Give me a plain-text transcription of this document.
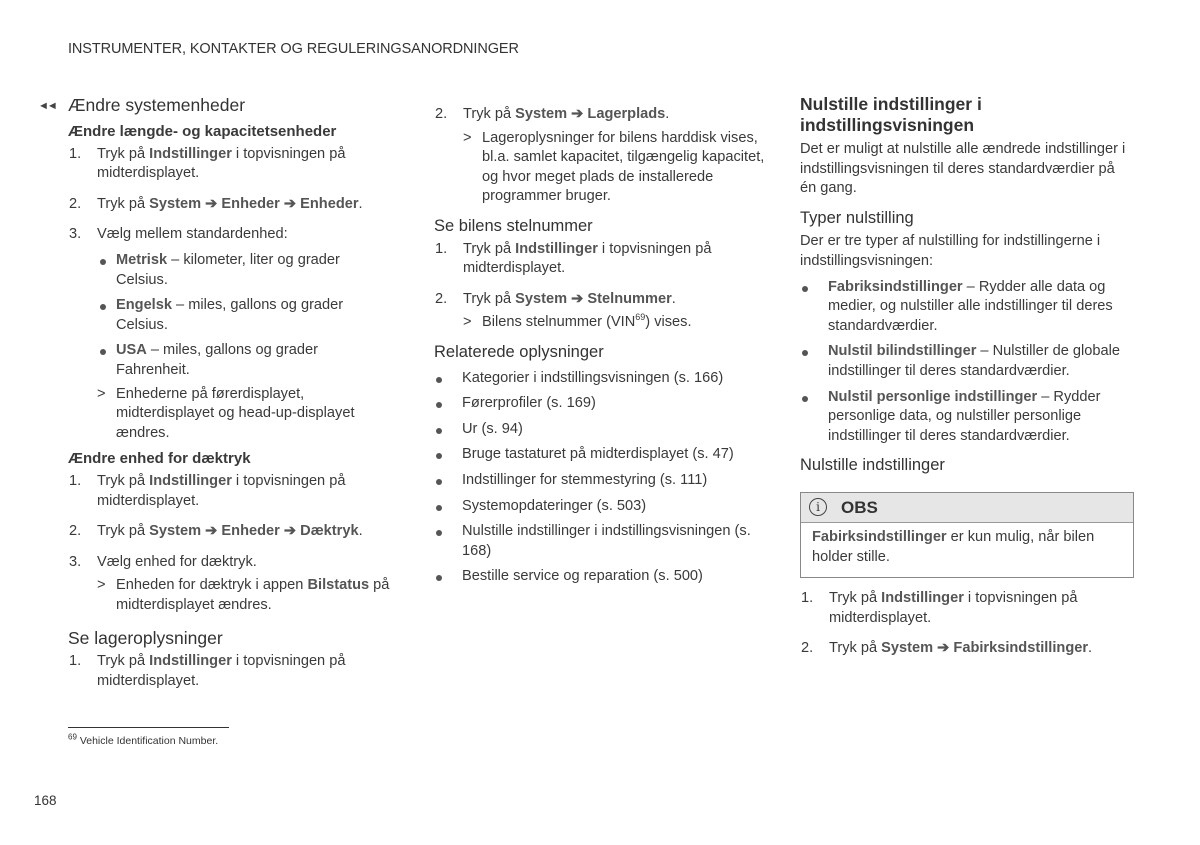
INSTRUMENTER, KONTAKTER OG REGULERINGSANORDNINGER
◄◄ Ændre systemenheder
Ændre længde- og kapacitetsenheder
1. Tryk på Indstillinger i topvisningen på midterdisplayet.
2. Tryk på System ➔ Enheder ➔ Enheder.
3. Vælg mellem standardenhed:
Metrisk – kilometer, liter og grader Celsius.
Engelsk – miles, gallons og grader Celsius.
USA – miles, gallons og grader Fahrenheit.
> Enhederne på førerdisplayet, midterdisplayet og head-up-displayet ændres.
Ændre enhed for dæktryk
1. Tryk på Indstillinger i topvisningen på midterdisplayet.
2. Tryk på System ➔ Enheder ➔ Dæktryk.
3. Vælg enhed for dæktryk.
> Enheden for dæktryk i appen Bilstatus på midterdisplayet ændres.
Se lageroplysninger
1. Tryk på Indstillinger i topvisningen på midterdisplayet.
2. Tryk på System ➔ Lagerplads.
> Lageroplysninger for bilens harddisk vises, bl.a. samlet kapacitet, tilgængelig kapacitet, og hvor meget plads de installerede programmer bruger.
Se bilens stelnummer
1. Tryk på Indstillinger i topvisningen på midterdisplayet.
2. Tryk på System ➔ Stelnummer.
> Bilens stelnummer (VIN$^{69}$) vises.
Relaterede oplysninger
Kategorier i indstillingsvisningen (s. 166)
Førerprofiler (s. 169)
Ur (s. 94)
Bruge tastaturet på midterdisplayet (s. 47)
Indstillinger for stemmestyring (s. 111)
Systemopdateringer (s. 503)
Nulstille indstillinger i indstillingsvisningen (s. 168)
Bestille service og reparation (s. 500)
Nulstille indstillinger i indstillingsvisningen
Det er muligt at nulstille alle ændrede indstillinger i indstillingsvisningen til deres standardværdier på én gang.
Typer nulstilling
Der er tre typer af nulstilling for indstillingerne i indstillingsvisningen:
Fabriksindstillinger – Rydder alle data og medier, og nulstiller alle indstillinger til deres standardværdier.
Nulstil bilindstillinger – Nulstiller de globale indstillinger til deres standardværdier.
Nulstil personlige indstillinger – Rydder personlige data, og nulstiller personlige indstillinger til deres standardværdier.
Nulstille indstillinger
i	OBS
Fabirksindstillinger er kun mulig, når bilen holder stille.
1. Tryk på Indstillinger i topvisningen på midterdisplayet.
2. Tryk på System ➔ Fabirksindstillinger.
$^{69}$ Vehicle Identification Number.
168
